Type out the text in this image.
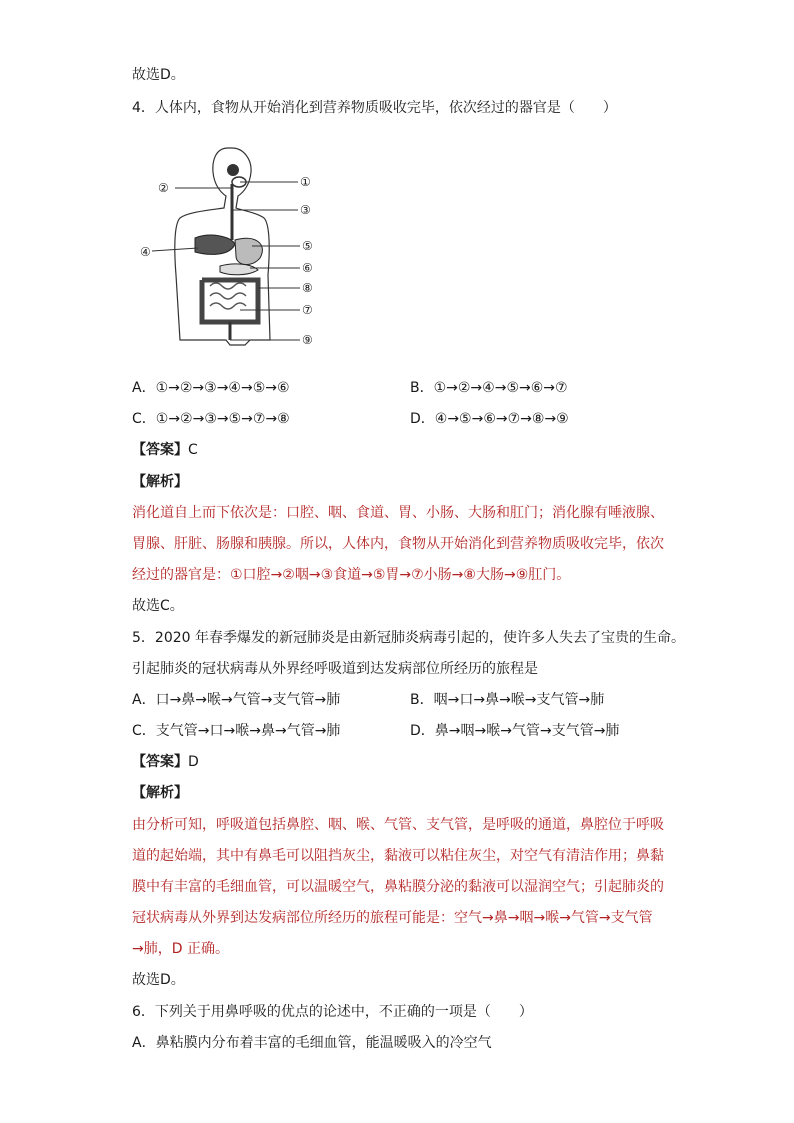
故选D。
4．人体内，食物从开始消化到营养物质吸收完毕，依次经过的器官是（　　）
②	①
③
④	⑤
⑥
⑧
⑦
⑨
A．①→②→③→④→⑤→⑥	B．①→②→④→⑤→⑥→⑦
C．①→②→③→⑤→⑦→⑧	D．④→⑤→⑥→⑦→⑧→⑨
【答案】C
【解析】
消化道自上而下依次是：口腔、咽、食道、胃、小肠、大肠和肛门；消化腺有唾液腺、
胃腺、肝脏、肠腺和胰腺。所以，人体内，食物从开始消化到营养物质吸收完毕，依次
经过的器官是：①口腔→②咽→③食道→⑤胃→⑦小肠→⑧大肠→⑨肛门。
故选C。
5．2020 年春季爆发的新冠肺炎是由新冠肺炎病毒引起的，使许多人失去了宝贵的生命。
引起肺炎的冠状病毒从外界经呼吸道到达发病部位所经历的旅程是
A．口→鼻→喉→气管→支气管→肺	B．咽→口→鼻→喉→支气管→肺
C．支气管→口→喉→鼻→气管→肺	D．鼻→咽→喉→气管→支气管→肺
【答案】D
【解析】
由分析可知，呼吸道包括鼻腔、咽、喉、气管、支气管，是呼吸的通道，鼻腔位于呼吸
道的起始端，其中有鼻毛可以阻挡灰尘，黏液可以粘住灰尘，对空气有清洁作用；鼻黏
膜中有丰富的毛细血管，可以温暖空气，鼻粘膜分泌的黏液可以湿润空气；引起肺炎的
冠状病毒从外界到达发病部位所经历的旅程可能是：空气→鼻→咽→喉→气管→支气管
→肺，D 正确。
故选D。
6．下列关于用鼻呼吸的优点的论述中，不正确的一项是（　　）
A．鼻粘膜内分布着丰富的毛细血管，能温暖吸入的冷空气
